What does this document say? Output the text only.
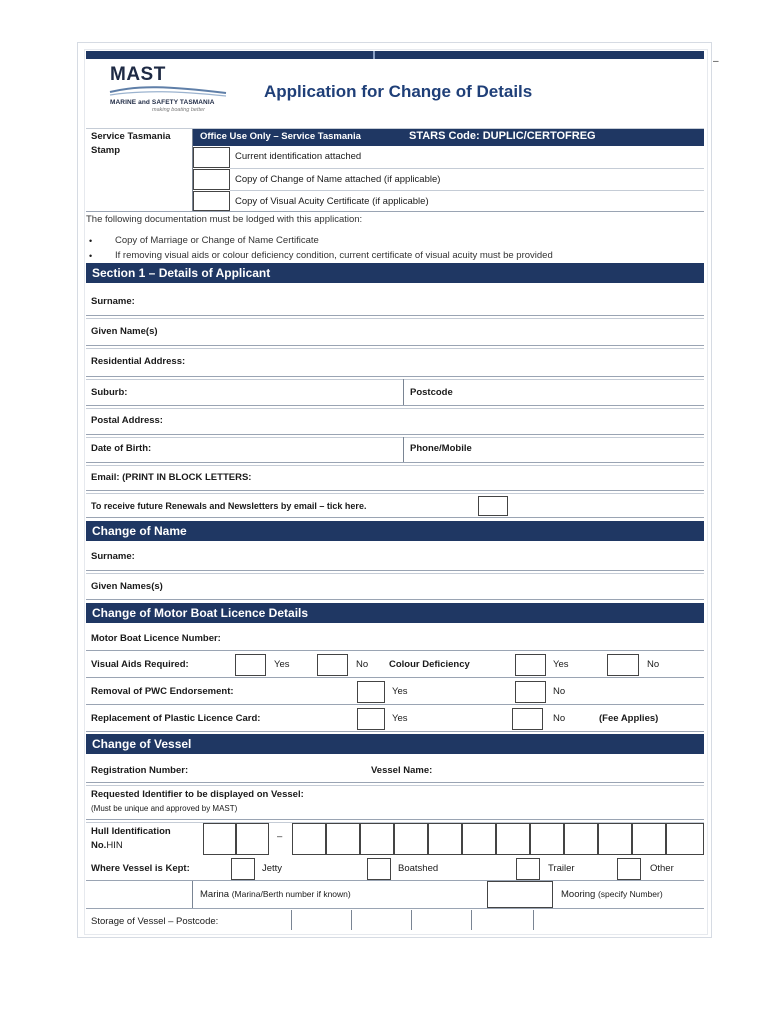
–
MAST
MARINE and SAFETY TASMANIA
making boating better
Application for Change of Details
Service Tasmania
Stamp
Office Use Only – Service Tasmania	STARS Code: DUPLIC/CERTOFREG
Current identification attached
Copy of Change of Name attached (if applicable)
Copy of Visual Acuity Certificate (if applicable)
The following documentation must be lodged with this application:
• Copy of Marriage or Change of Name Certificate
• If removing visual aids or colour deficiency condition, current certificate of visual acuity must be provided
Section 1 – Details of Applicant
Surname:
Given Name(s)
Residential Address:
Suburb:	Postcode
Postal Address:
Date of Birth:	Phone/Mobile
Email: (PRINT IN BLOCK LETTERS:
To receive future Renewals and Newsletters by email – tick here.
Change of Name
Surname:
Given Names(s)
Change of Motor Boat Licence Details
Motor Boat Licence Number:
Visual Aids Required:	Yes	No Colour Deficiency	Yes	No
Removal of PWC Endorsement:	Yes	No
Replacement of Plastic Licence Card:	Yes	No	(Fee Applies)
Change of Vessel
Registration Number:	Vessel Name:
Requested Identifier to be displayed on Vessel:
(Must be unique and approved by MAST)
Hull Identification
No.HIN
–
Where Vessel is Kept:	Jetty	Boatshed	Trailer	Other
Marina (Marina/Berth number if known)	Mooring (specify Number)
Storage of Vessel – Postcode:
